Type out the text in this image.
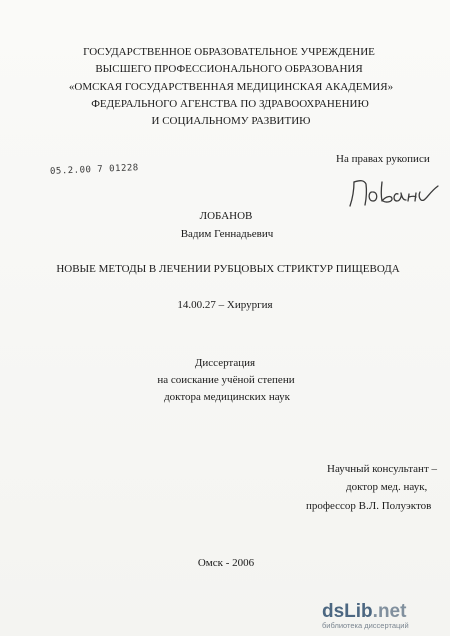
ГОСУДАРСТВЕННОЕ ОБРАЗОВАТЕЛЬНОЕ УЧРЕЖДЕНИЕ
ВЫСШЕГО ПРОФЕССИОНАЛЬНОГО ОБРАЗОВАНИЯ
«ОМСКАЯ ГОСУДАРСТВЕННАЯ МЕДИЦИНСКАЯ АКАДЕМИЯ»
ФЕДЕРАЛЬНОГО АГЕНСТВА ПО ЗДРАВООХРАНЕНИЮ
И СОЦИАЛЬНОМУ РАЗВИТИЮ
На правах рукописи
05.2.00 7 01228
ЛОБАНОВ
Вадим Геннадьевич
НОВЫЕ МЕТОДЫ В ЛЕЧЕНИИ РУБЦОВЫХ СТРИКТУР ПИЩЕВОДА
14.00.27 – Хирургия
Диссертация
на соискание учёной степени
доктора медицинских наук
Научный консультант –
доктор мед. наук,
профессор В.Л. Полуэктов
Омск - 2006
dsLib.net
библиотека диссертаций
